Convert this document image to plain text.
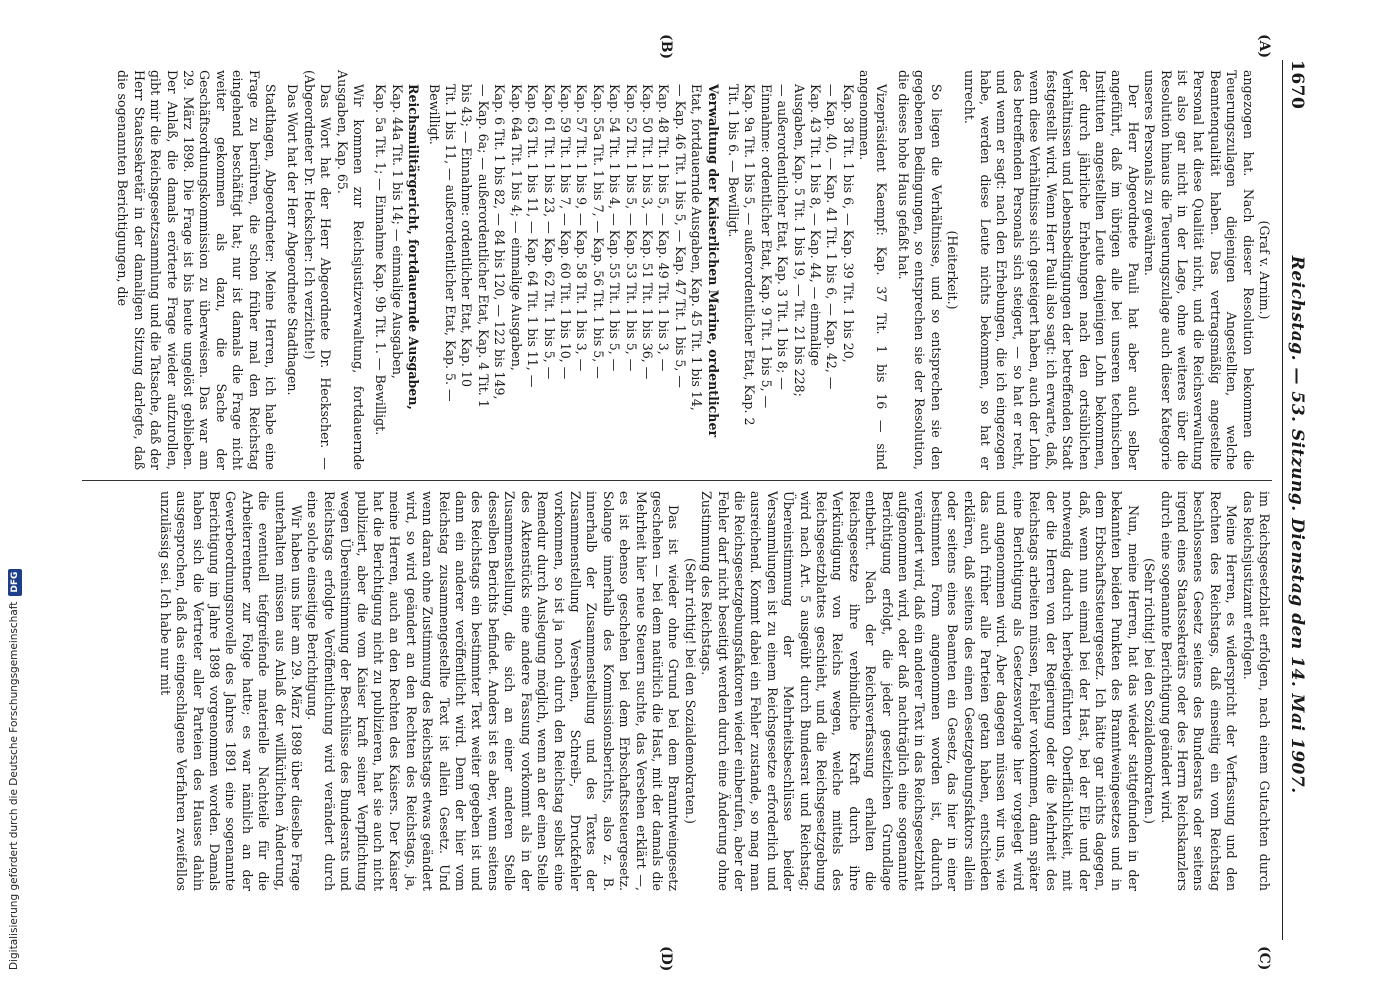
Digitalisierung gefördert durch die Deutsche ForschungsgemeinschaftDFG
1670
Reichstag. — 53. Sitzung. Dienstag den 14. Mai 1907.
(A)
(B)

(Graf v. Arnim.)

angezogen hat. Nach dieser Resolution bekommen die Teuerungszulagen diejenigen Angestellten, welche Beamtenqualität haben. Das vertragsmäßig angestellte Personal hat diese Qualität nicht, und die Reichsverwaltung ist also gar nicht in der Lage, ohne weiteres über die Resolution hinaus die Teuerungszulage auch dieser Kategorie unseres Personals zu gewähren.

Der Herr Abgeordnete Pauli hat aber auch selber angeführt, daß im übrigen alle bei unseren technischen Instituten angestellten Leute denjenigen Lohn bekommen, der durch jährliche Erhebungen nach den ortsüblichen Verhältnissen und Lebensbedingungen der betreffenden Stadt festgestellt wird. Wenn Herr Pauli also sagt: ich erwarte, daß, wenn diese Verhältnisse sich gesteigert haben, auch der Lohn des betreffenden Personals sich steigert, — so hat er recht, und wenn er sagt: nach den Erhebungen, die ich eingezogen habe, werden diese Leute nichts bekommen, so hat er unrecht.

(Heiterkeit.)

So liegen die Verhältnisse, und so entsprechen sie den gegebenen Bedingungen, so entsprechen sie der Resolution, die dieses hohe Haus gefaßt hat.

Vizepräsident Kaempf: Kap. 37 Tit. 1 bis 16 — sind angenommen.

Kap. 38 Tit. 1 bis 6, — Kap. 39 Tit. 1 bis 20,
— Kap. 40, — Kap. 41 Tit. 1 bis 6, — Kap. 42, —
Kap. 43 Tit. 1 bis 8, — Kap. 44, — einmalige
Ausgaben, Kap. 5 Tit. 1 bis 19, — Tit. 21 bis 228;
— außerordentlicher Etat, Kap. 3 Tit. 1 bis 8; —
Einnahme: ordentlicher Etat, Kap. 9 Tit. 1 bis 5, —
Kap. 9a Tit. 1 bis 5, — außerordentlicher Etat, Kap. 2
Tit. 1 bis 6. — Bewilligt.

Verwaltung der Kaiserlichen Marine, ordentlicher

Etat, fortdauernde Ausgaben, Kap. 45 Tit. 1 bis 14,
— Kap. 46 Tit. 1 bis 5, — Kap. 47 Tit. 1 bis 5, —
Kap. 48 Tit. 1 bis 5, — Kap. 49 Tit. 1 bis 3, —
Kap. 50 Tit. 1 bis 3, — Kap. 51 Tit. 1 bis 36, —
Kap. 52 Tit. 1 bis 5, — Kap. 53 Tit. 1 bis 5, —
Kap. 54 Tit. 1 bis 4, — Kap. 55 Tit. 1 bis 5, —
Kap. 55a Tit. 1 bis 7, — Kap. 56 Tit. 1 bis 5, —
Kap. 57 Tit. 1 bis 9, — Kap. 58 Tit. 1 bis 3, —
Kap. 59 Tit. 1 bis 7, — Kap. 60 Tit. 1 bis 10, —
Kap. 61 Tit. 1 bis 23, — Kap. 62 Tit. 1 bis 5, —
Kap. 63 Tit. 1 bis 11, — Kap. 64 Tit. 1 bis 11, —
Kap. 64a Tit. 1 bis 4; — einmalige Ausgaben,
Kap. 6 Tit. 1 bis 82, — 84 bis 120, — 122 bis 149,
— Kap. 6a; — außerordentlicher Etat, Kap. 4 Tit. 1
bis 43; — Einnahme: ordentlicher Etat, Kap. 10
Tit. 1 bis 11, — außerordentlicher Etat, Kap. 5. —
Bewilligt.

Reichsmilitärgericht, fortdauernde Ausgaben,

Kap. 44a Tit. 1 bis 14; — einmalige Ausgaben,
Kap. 5a Tit. 1; — Einnahme Kap. 9b Tit. 1. — Bewilligt.

Wir kommen zur Reichsjustizverwaltung, fortdauernde Ausgaben, Kap. 65.

Das Wort hat der Herr Abgeordnete Dr. Heckscher. — (Abgeordneter Dr. Heckscher: Ich verzichte!)

Das Wort hat der Herr Abgeordnete Stadthagen.

Stadthagen, Abgeordneter: Meine Herren, ich habe eine Frage zu berühren, die schon früher mal den Reichstag eingehend beschäftigt hat; nur ist damals die Frage nicht weiter gekommen als dazu, die Sache der Geschäftsordnungskommission zu überweisen. Das war am 29. März 1898. Die Frage ist bis heute ungelöst geblieben. Der Anlaß, die damals erörterte Frage wieder aufzurollen, gibt mir die Reichsgesetzsammlung und die Tatsache, daß der Herr Staatssekretär in der damaligen Sitzung darlegte, daß die sogenannten Berichtigungen, die

im Reichsgesetzblatt erfolgen, nach einem Gutachten durch das Reichsjustizamt erfolgen.

Meine Herren, es widerspricht der Verfassung und den Rechten des Reichstags, daß einseitig ein vom Reichstag beschlossenes Gesetz seitens des Bundesrats oder seitens irgend eines Staatssekretärs oder des Herrn Reichskanzlers durch eine sogenannte Berichtigung geändert wird.

(Sehr richtig! bei den Sozialdemokraten.)

Nun, meine Herren, hat das wieder stattgefunden in der bekannten beiden Punkten des Branntweingesetzes und in dem Erbschaftssteuergesetz. Ich hätte gar nichts dagegen, daß, wenn nun einmal bei der Hast, bei der Eile und der notwendig dadurch herbeigeführten Oberflächlichkeit, mit der die Herren von der Regierung oder die Mehrheit des Reichstags arbeiten müssen, Fehler vorkommen, dann später eine Berichtigung als Gesetzesvorlage hier vorgelegt wird und angenommen wird. Aber dagegen müssen wir uns, wie das auch früher alle Parteien getan haben, entschieden erklären, daß seitens des einen Gesetzgebungsfaktors allein oder seitens eines Beamten ein Gesetz, das hier in einer bestimmten Form angenommen worden ist, dadurch verändert wird, daß ein anderer Text in das Reichsgesetzblatt aufgenommen wird, oder daß nachträglich eine sogenannte Berichtigung erfolgt, die jeder gesetzlichen Grundlage entbehrt. Nach der Reichsverfassung erhalten die Reichsgesetze ihre verbindliche Kraft durch ihre Verkündigung von Reichs wegen, welche mittels des Reichsgesetzblattes geschieht, und die Reichsgesetzgebung wird nach Art. 5 ausgeübt durch Bundesrat und Reichstag; Übereinstimmung der Mehrheitsbeschlüsse beider Versammlungen ist zu einem Reichsgesetze erforderlich und ausreichend. Kommt dabei ein Fehler zustande, so mag man die Reichsgesetzgebungsfaktoren wieder einberufen, aber der Fehler darf nicht beseitigt werden durch eine Änderung ohne Zustimmung des Reichstags.

(Sehr richtig! bei den Sozialdemokraten.)

Das ist wieder ohne Grund bei dem Branntweingesetz geschehen — bei dem natürlich die Hast, mit der damals die Mehrheit hier neue Steuern suchte, das Versehen erklärt —, es ist ebenso geschehen bei dem Erbschaftssteuergesetz. Solange innerhalb des Kommissionsberichts, also z. B. innerhalb der Zusammenstellung und des Textes der Zusammenstellung Versehen, Schreib-, Druckfehler vorkommen, so ist ja noch durch den Reichstag selbst eine Remedur durch Auslegung möglich, wenn an der einen Stelle des Aktenstücks eine andere Fassung vorkommt als in der Zusammenstellung, die sich an einer anderen Stelle desselben Berichts befindet. Anders ist es aber, wenn seitens des Reichstags ein bestimmter Text weiter gegeben ist und dann ein anderer veröffentlicht wird. Denn der hier vom Reichstag zusammengestellte Text ist allein Gesetz. Und wenn daran ohne Zustimmung des Reichstags etwas geändert wird, so wird geändert an den Rechten des Reichstags, ja, meine Herren, auch an den Rechten des Kaisers. Der Kaiser hat die Berichtigung nicht zu publizieren, hat sie auch nicht publiziert, aber die vom Kaiser kraft seiner Verpflichtung wegen Übereinstimmung der Beschlüsse des Bundesrats und Reichstags erfolgte Veröffentlichung wird verändert durch eine solche einseitige Berichtigung.

Wir haben uns hier am 29. März 1898 über dieselbe Frage unterhalten müssen aus Anlaß der willkürlichen Änderung, die eventuell tiefgreifende materielle Nachteile für die Arbeiterrentner zur Folge hatte; es war nämlich an der Gewerbeordnungsnovelle des Jahres 1891 eine sogenannte Berichtigung im Jahre 1898 vorgenommen worden. Damals haben sich die Vertreter aller Parteien des Hauses dahin ausgesprochen, daß das eingeschlagene Verfahren zweifellos unzulässig sei. Ich habe nur mit

(C)
(D)
